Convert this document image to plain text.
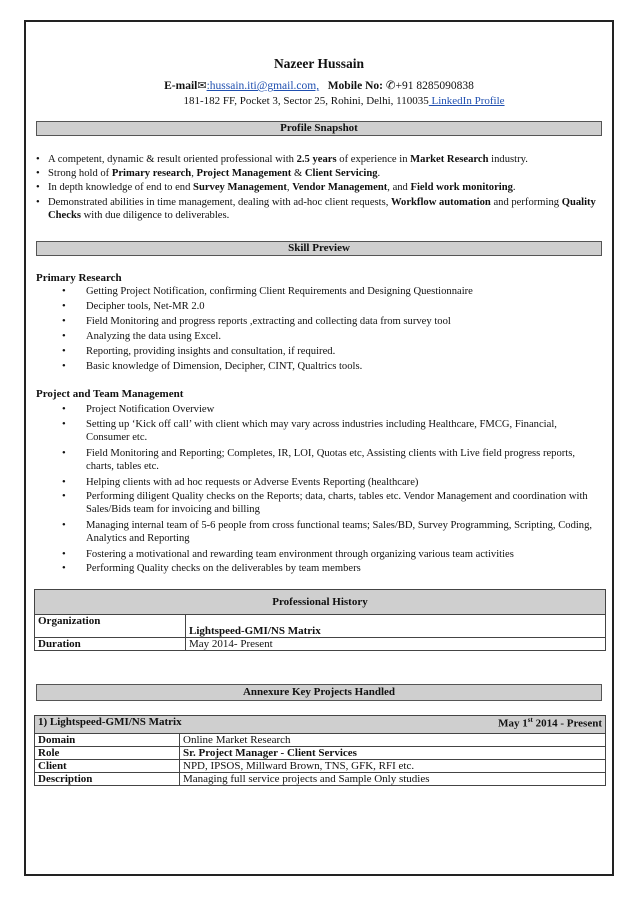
Nazeer Hussain
E-mail✉:hussain.iti@gmail.com, Mobile No: ✆+91 8285090838
181-182 FF, Pocket 3, Sector 25, Rohini, Delhi, 110035 LinkedIn Profile
Profile Snapshot
• A competent, dynamic & result oriented professional with 2.5 years of experience in Market Research industry.
• Strong hold of Primary research, Project Management & Client Servicing.
• In depth knowledge of end to end Survey Management, Vendor Management, and Field work monitoring.
• Demonstrated abilities in time management, dealing with ad-hoc client requests, Workflow automation and performing Quality Checks with due diligence to deliverables.
Skill Preview
Primary Research
• Getting Project Notification, confirming Client Requirements and Designing Questionnaire
• Decipher tools, Net-MR 2.0
• Field Monitoring and progress reports ,extracting and collecting data from survey tool
• Analyzing the data using Excel.
• Reporting, providing insights and consultation, if required.
• Basic knowledge of Dimension, Decipher, CINT, Qualtrics tools.
Project and Team Management
• Project Notification Overview
• Setting up ‘Kick off call’ with client which may vary across industries including Healthcare, FMCG, Financial, Consumer etc.
• Field Monitoring and Reporting; Completes, IR, LOI, Quotas etc, Assisting clients with Live field progress reports, charts, tables etc.
• Helping clients with ad hoc requests or Adverse Events Reporting (healthcare)
• Performing diligent Quality checks on the Reports; data, charts, tables etc. Vendor Management and coordination with Sales/Bids team for invoicing and billing
• Managing internal team of 5-6 people from cross functional teams; Sales/BD, Survey Programming, Scripting, Coding, Analytics and Reporting
• Fostering a motivational and rewarding team environment through organizing various team activities
• Performing Quality checks on the deliverables by team members
Professional History	
Organization	Lightspeed-GMI/NS Matrix
Duration	May 2014- Present
Annexure Key Projects Handled
1) Lightspeed-GMI/NS Matrix May 1st 2014 - Present	

Domain	Online Market Research
Role	Sr. Project Manager - Client Services
Client	NPD, IPSOS, Millward Brown, TNS, GFK, RFI etc.
Description	Managing full service projects and Sample Only studies
